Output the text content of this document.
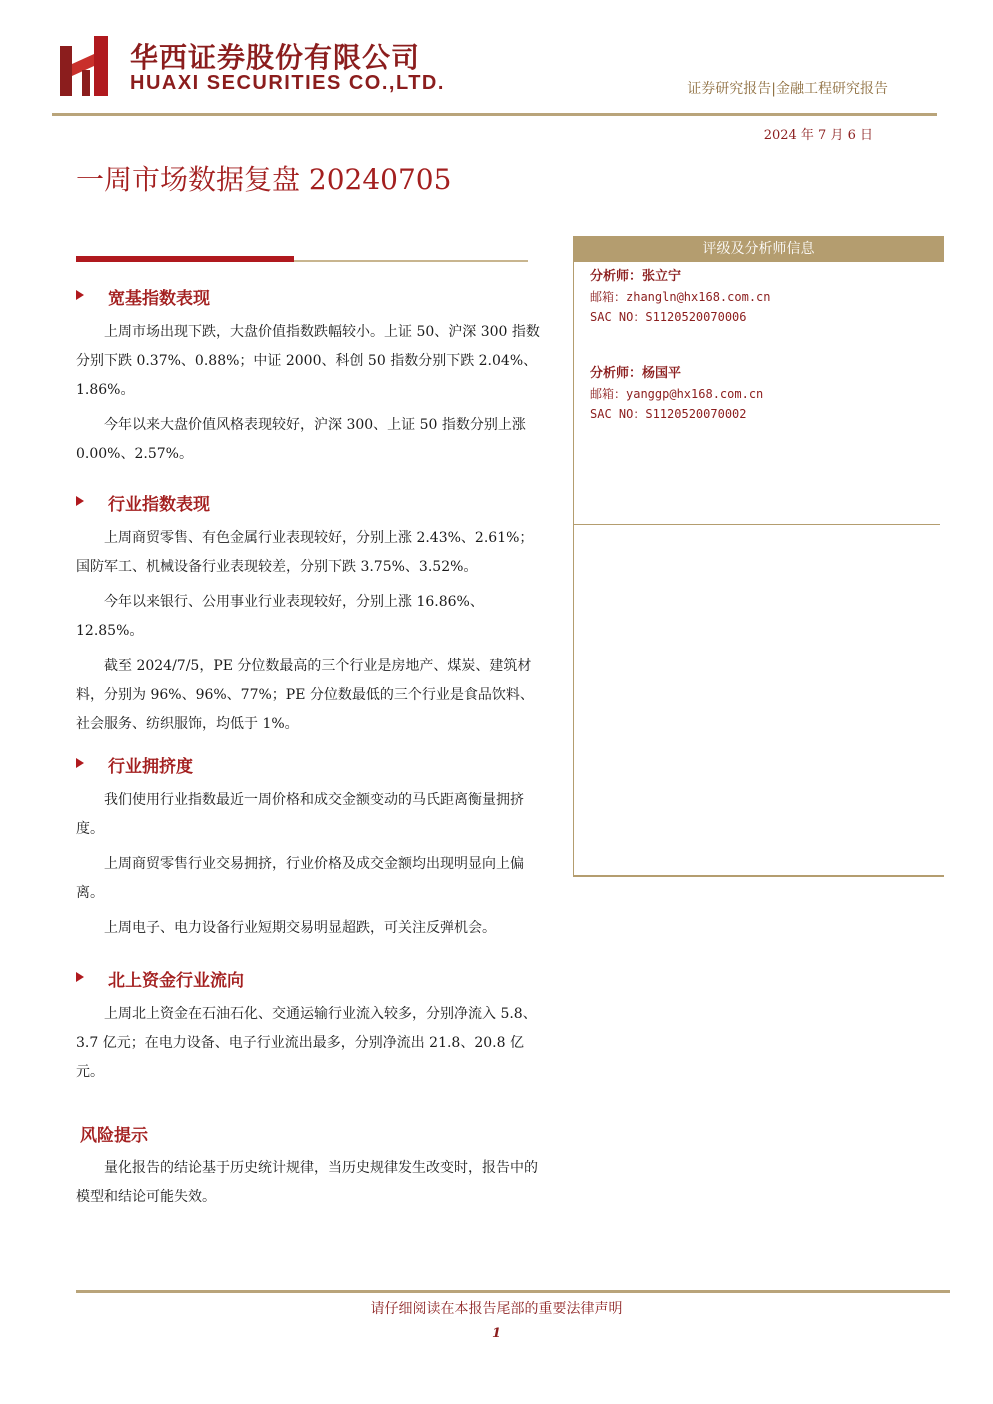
华西证券股份有限公司
HUAXI SECURITIES CO.,LTD.	证券研究报告|金融工程研究报告
2024 年 7 月 6 日
一周市场数据复盘 20240705
宽基指数表现

上周市场出现下跌，大盘价值指数跌幅较小。上证 50、沪深 300 指数分别下跌 0.37%、0.88%；中证 2000、科创 50 指数分别下跌 2.04%、1.86%。

今年以来大盘价值风格表现较好，沪深 300、上证 50 指数分别上涨 0.00%、2.57%。

行业指数表现

上周商贸零售、有色金属行业表现较好，分别上涨 2.43%、2.61%；国防军工、机械设备行业表现较差，分别下跌 3.75%、3.52%。

今年以来银行、公用事业行业表现较好，分别上涨 16.86%、12.85%。

截至 2024/7/5，PE 分位数最高的三个行业是房地产、煤炭、建筑材料，分别为 96%、96%、77%；PE 分位数最低的三个行业是食品饮料、社会服务、纺织服饰，均低于 1%。

行业拥挤度

我们使用行业指数最近一周价格和成交金额变动的马氏距离衡量拥挤度。

上周商贸零售行业交易拥挤，行业价格及成交金额均出现明显向上偏离。

上周电子、电力设备行业短期交易明显超跌，可关注反弹机会。

北上资金行业流向

上周北上资金在石油石化、交通运输行业流入较多，分别净流入 5.8、3.7 亿元；在电力设备、电子行业流出最多，分别净流出 21.8、20.8 亿元。

风险提示

量化报告的结论基于历史统计规律，当历史规律发生改变时，报告中的模型和结论可能失效。

评级及分析师信息
分析师：张立宁
邮箱：zhangln@hx168.com.cn
SAC NO：S1120520070006
分析师：杨国平
邮箱：yanggp@hx168.com.cn
SAC NO：S1120520070002
请仔细阅读在本报告尾部的重要法律声明
1
